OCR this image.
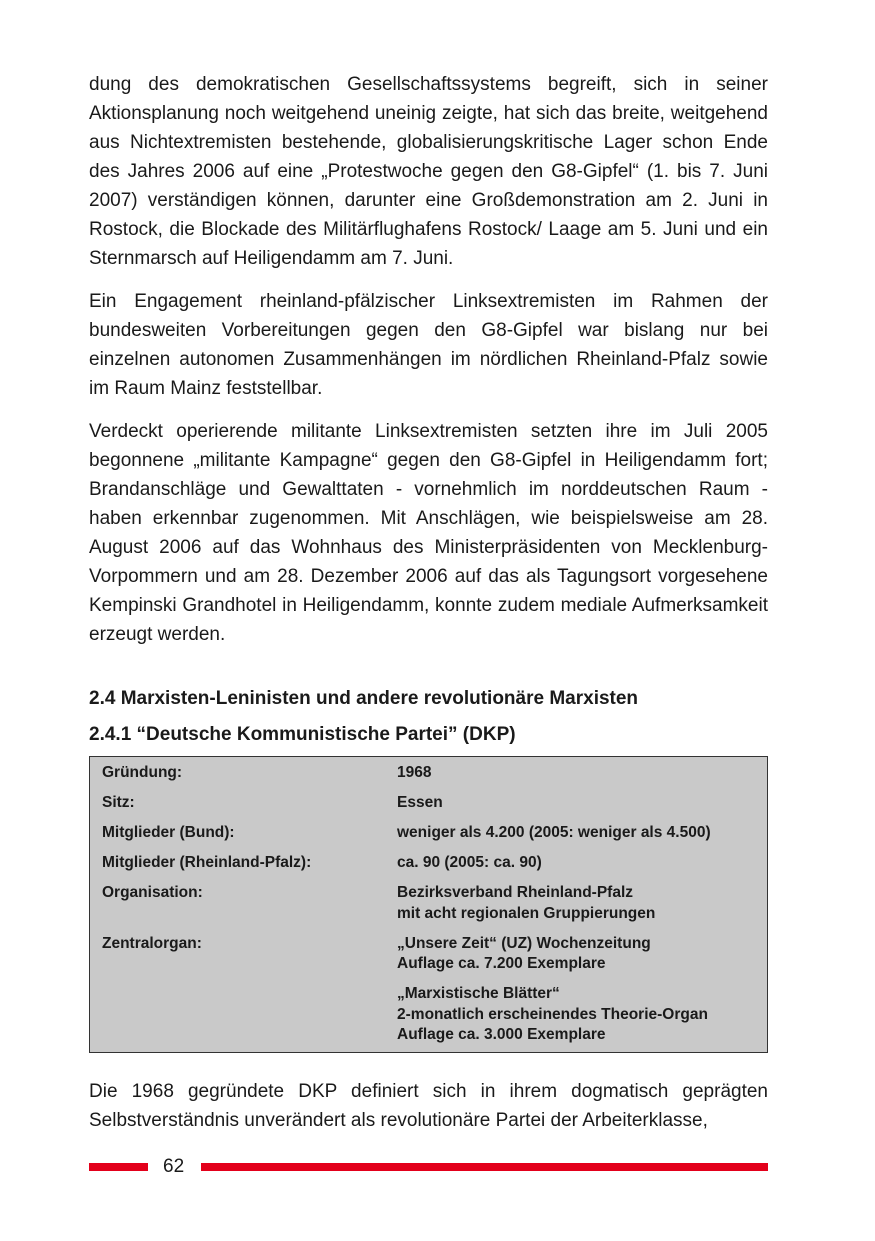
dung des demokratischen Gesellschaftssystems begreift, sich in seiner Aktionsplanung noch weitgehend uneinig zeigte, hat sich das breite, weitgehend aus Nichtextremisten bestehende, globalisierungskritische Lager schon Ende des Jahres 2006 auf eine „Protestwoche gegen den G8-Gipfel“ (1. bis 7. Juni 2007) verständigen können, darunter eine Großdemonstration am 2. Juni in Rostock, die Blockade des Militärflughafens Rostock/ Laage am 5. Juni und ein Sternmarsch auf Heiligendamm am 7. Juni.

Ein Engagement rheinland-pfälzischer Linksextremisten im Rahmen der bundesweiten Vorbereitungen gegen den G8-Gipfel war bislang nur bei einzelnen autonomen Zusammenhängen im nördlichen Rheinland-Pfalz sowie im Raum Mainz feststellbar.

Verdeckt operierende militante Linksextremisten setzten ihre im Juli 2005 begonnene „militante Kampagne“ gegen den G8-Gipfel in Heiligendamm fort; Brandanschläge und Gewalttaten - vornehmlich im norddeutschen Raum - haben erkennbar zugenommen. Mit Anschlägen, wie beispielsweise am 28. August 2006 auf das Wohnhaus des Ministerpräsidenten von Mecklenburg-Vorpommern und am 28. Dezember 2006 auf das als Tagungsort vorgesehene Kempinski Grandhotel in Heiligendamm, konnte zudem mediale Aufmerksamkeit erzeugt werden.

2.4 Marxisten-Leninisten und andere revolutionäre Marxisten
2.4.1 “Deutsche Kommunistische Partei” (DKP)
Gründung:	1968
Sitz:	Essen
Mitglieder (Bund):	weniger als 4.200 (2005: weniger als 4.500)
Mitglieder (Rheinland-Pfalz):	ca. 90 (2005: ca. 90)
Organisation:	Bezirksverband Rheinland-Pfalz
mit acht regionalen Gruppierungen
Zentralorgan:	„Unsere Zeit“ (UZ) Wochenzeitung
Auflage ca. 7.200 Exemplare
„Marxistische Blätter“
2-monatlich erscheinendes Theorie-Organ
Auflage ca. 3.000 Exemplare

Die 1968 gegründete DKP definiert sich in ihrem dogmatisch geprägten Selbstverständnis unverändert als revolutionäre Partei der Arbeiterklasse,

62
